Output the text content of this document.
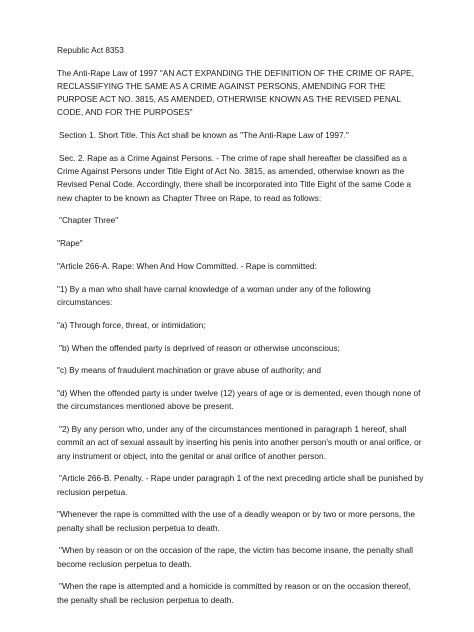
Republic Act 8353

The Anti-Rape Law of 1997 "AN ACT EXPANDING THE DEFINITION OF THE CRIME OF RAPE, RECLASSIFYING THE SAME AS A CRIME AGAINST PERSONS, AMENDING FOR THE PURPOSE ACT NO. 3815, AS AMENDED, OTHERWISE KNOWN AS THE REVISED PENAL CODE, AND FOR THE PURPOSES"

Section 1. Short Title. This Act shall be known as "The Anti-Rape Law of 1997."

Sec. 2. Rape as a Crime Against Persons. - The crime of rape shall hereafter be classified as a Crime Against Persons under Title Eight of Act No. 3815, as amended, otherwise known as the Revised Penal Code. Accordingly, there shall be incorporated into Title Eight of the same Code a new chapter to be known as Chapter Three on Rape, to read as follows:

"Chapter Three"

"Rape"

"Article 266-A. Rape: When And How Committed. - Rape is committed:

"1) By a man who shall have carnal knowledge of a woman under any of the following circumstances:

"a) Through force, threat, or intimidation;

"b) When the offended party is deprived of reason or otherwise unconscious;

"c) By means of fraudulent machination or grave abuse of authority; and

"d) When the offended party is under twelve (12) years of age or is demented, even though none of the circumstances mentioned above be present.

"2) By any person who, under any of the circumstances mentioned in paragraph 1 hereof, shall commit an act of sexual assault by inserting his penis into another person's mouth or anal orifice, or any instrument or object, into the genital or anal orifice of another person.

"Article 266-B. Penalty. - Rape under paragraph 1 of the next preceding article shall be punished by reclusion perpetua.

"Whenever the rape is committed with the use of a deadly weapon or by two or more persons, the penalty shall be reclusion perpetua to death.

"When by reason or on the occasion of the rape, the victim has become insane, the penalty shall become reclusion perpetua to death.

"When the rape is attempted and a homicide is committed by reason or on the occasion thereof, the penalty shall be reclusion perpetua to death.
